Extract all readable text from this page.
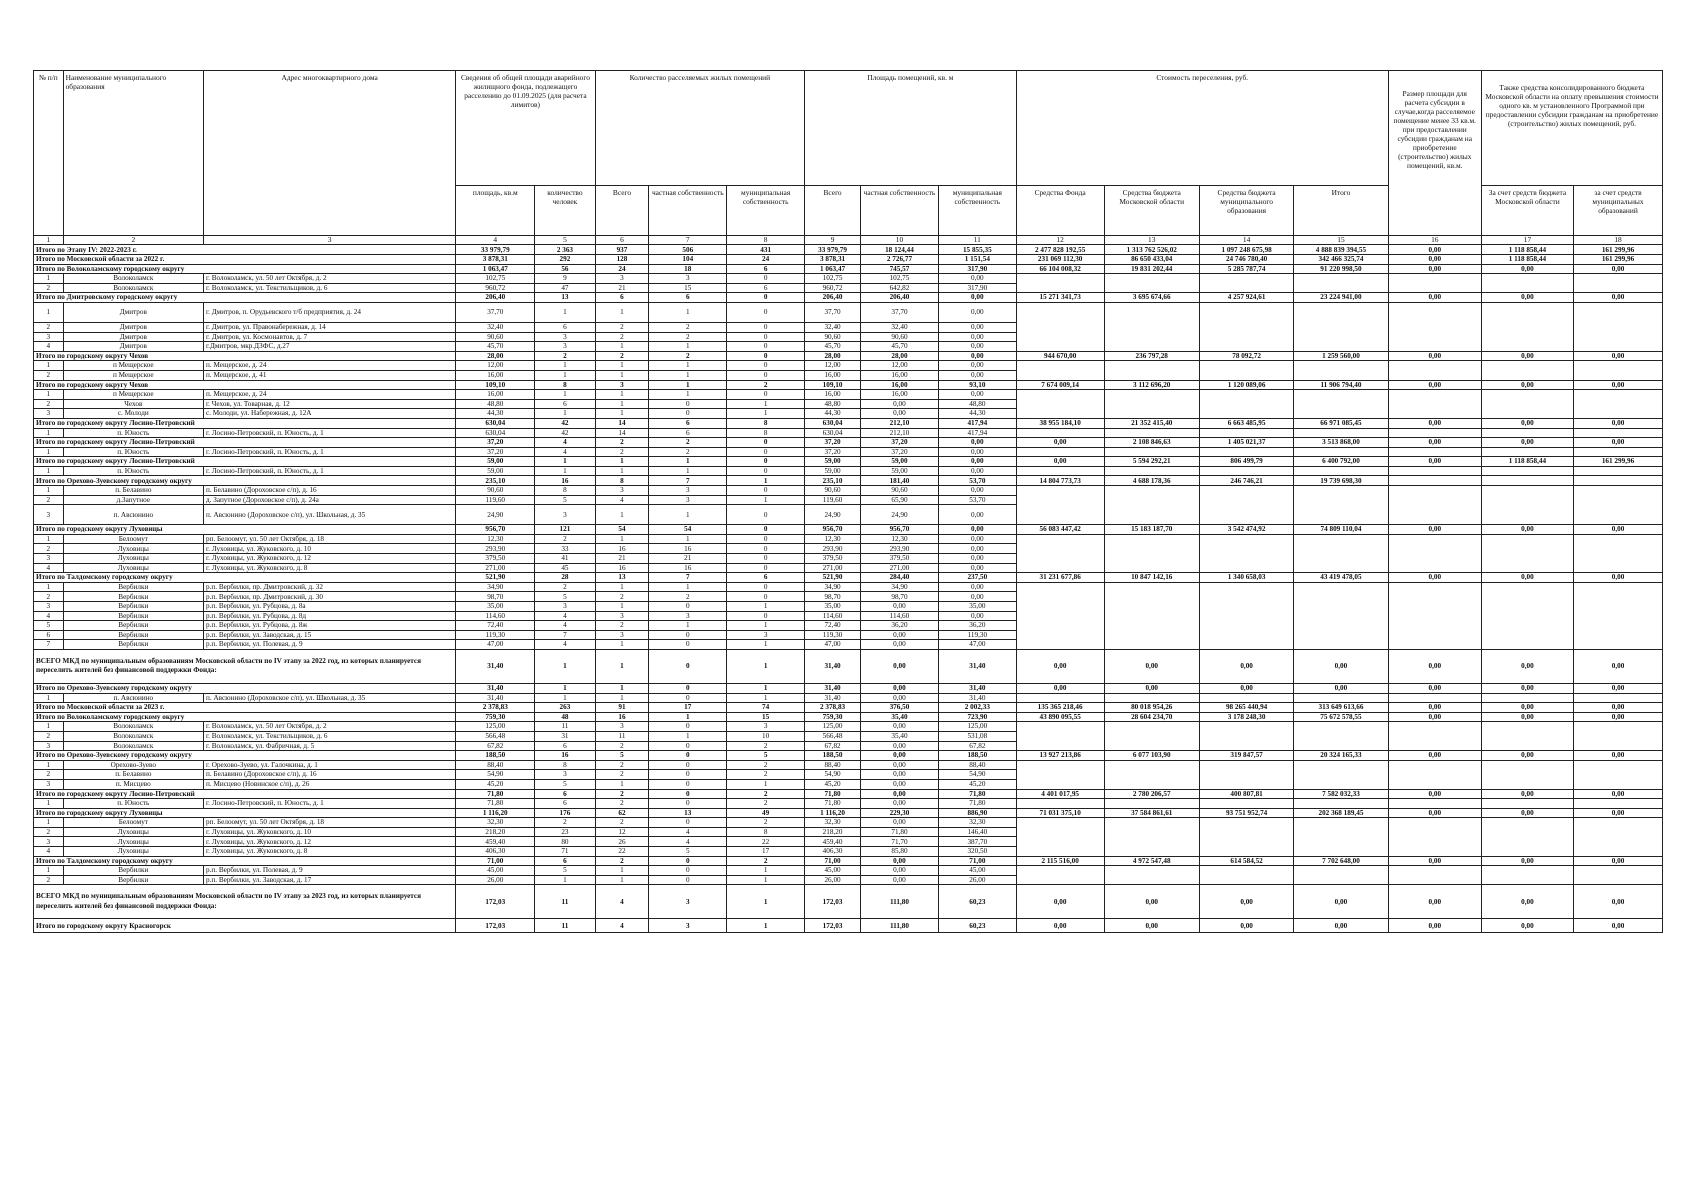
№ п/п	Наименование муниципального образования	Адрес многоквартирного дома	Сведения об общей площади аварийного жилищного фонда, подлежащего расселению до 01.09.2025 (для расчета лимитов)		Количество расселяемых жилых помещений			Площадь помещений, кв. м			Стоимость переселения, руб.				Размер площади для расчета субсидии в случае,когда расселяемое помещение менее 33 кв.м. при предоставлении субсидии гражданам на приобретение (строительство) жилых помещений, кв.м.	Также средства консолидированного бюджета Московской области на оплату превышения стоимости одного кв. м установленного Программой при предоставлении субсидии гражданам на приобретение (строительство) жилых помещений, руб.	
			площадь, кв.м	количество человек	Всего	частная собственность	муниципальная собственность	Всего	частная собственность	муниципальная собственность	Средства Фонда	Средства бюджета Московской области	Средства бюджета муниципального образования	Итого		За счет средств бюджета Московской области	за счет средств муниципальных образований
1	2	3	4	5	6	7	8	9	10	11	12	13	14	15	16	17	18
Итого по Этапу IV: 2022-2023 г.			33 979,79	2 363	937	506	431	33 979,79	18 124,44	15 855,35	2 477 828 192,55	1 313 762 526,02	1 097 248 675,98	4 888 839 394,55	0,00	1 118 858,44	161 299,96
Итого по Московской области за 2022 г.			3 878,31	292	128	104	24	3 878,31	2 726,77	1 151,54	231 069 112,30	86 650 433,04	24 746 780,40	342 466 325,74	0,00	1 118 858,44	161 299,96
Итого по Волоколамскому городскому округу			1 063,47	56	24	18	6	1 063,47	745,57	317,90	66 104 008,32	19 831 202,44	5 285 787,74	91 220 998,50	0,00	0,00	0,00
1	Волоколамск	г. Волоколамск, ул. 50 лет Октября, д. 2	102,75	9	3	3	0	102,75	102,75	0,00							
2	Волоколамск	г. Волоколамск, ул. Текстильщиков, д. 6	960,72	47	21	15	6	960,72	642,82	317,90							
Итого по Дмитровскому городскому округу			206,40	13	6	6	0	206,40	206,40	0,00	15 271 341,73	3 695 674,66	4 257 924,61	23 224 941,00	0,00	0,00	0,00
1	Дмитров	г. Дмитров, п. Орудьевского т/б предприятия, д. 24	37,70	1	1	1	0	37,70	37,70	0,00							
2	Дмитров	г. Дмитров, ул. Правонабережная, д. 14	32,40	6	2	2	0	32,40	32,40	0,00							
3	Дмитров	г. Дмитров, ул. Космонавтов, д. 7	90,60	3	2	2	0	90,60	90,60	0,00							
4	Дмитров	г.Дмитров, мкр.ДЗФС, д.27	45,70	3	1	1	0	45,70	45,70	0,00							
Итого по городскому округу Чехов			28,00	2	2	2	0	28,00	28,00	0,00	944 670,00	236 797,28	78 092,72	1 259 560,00	0,00	0,00	0,00
1	п Мещерское	п. Мещерское, д. 24	12,00	1	1	1	0	12,00	12,00	0,00							
2	п Мещерское	п. Мещерское, д. 41	16,00	1	1	1	0	16,00	16,00	0,00							
Итого по городскому округу Чехов			109,10	8	3	1	2	109,10	16,00	93,10	7 674 009,14	3 112 696,20	1 120 089,06	11 906 794,40	0,00	0,00	0,00
1	п Мещерское	п. Мещерское, д. 24	16,00	1	1	1	0	16,00	16,00	0,00							
2	Чехов	г. Чехов, ул. Товарная, д. 12	48,80	6	1	0	1	48,80	0,00	48,80							
3	с. Молоди	с. Молоди, ул. Набережная, д. 12А	44,30	1	1	0	1	44,30	0,00	44,30							
Итого по городскому округу Лосино-Петровский			630,04	42	14	6	8	630,04	212,10	417,94	38 955 184,10	21 352 415,40	6 663 485,95	66 971 085,45	0,00	0,00	0,00
1	п. Юность	г. Лосино-Петровский, п. Юность, д. 1	630,04	42	14	6	8	630,04	212,10	417,94							
Итого по городскому округу Лосино-Петровский			37,20	4	2	2	0	37,20	37,20	0,00	0,00	2 108 846,63	1 405 021,37	3 513 868,00	0,00	0,00	0,00
1	п. Юность	г. Лосино-Петровский, п. Юность, д. 1	37,20	4	2	2	0	37,20	37,20	0,00							
Итого по городскому округу Лосино-Петровский			59,00	1	1	1	0	59,00	59,00	0,00	0,00	5 594 292,21	806 499,79	6 400 792,00	0,00	1 118 858,44	161 299,96
1	п. Юность	г. Лосино-Петровский, п. Юность, д. 1	59,00	1	1	1	0	59,00	59,00	0,00							
Итого по Орехово-Зуевскому городскому округу			235,10	16	8	7	1	235,10	181,40	53,70	14 804 773,73	4 688 178,36	246 746,21	19 739 698,30			
1	п. Белавино	п. Белавино (Дороховское с/п), д. 16	90,60	8	3	3	0	90,60	90,60	0,00							
2	д.Запутное	д. Запутное (Дороховское с/п), д. 24а	119,60	5	4	3	1	119,60	65,90	53,70							
3	п. Авсюнино	п. Авсюнино (Дороховское с/п), ул. Школьная, д. 35	24,90	3	1	1	0	24,90	24,90	0,00							
Итого по городскому округу Луховицы			956,70	121	54	54	0	956,70	956,70	0,00	56 083 447,42	15 183 187,70	3 542 474,92	74 809 110,04	0,00	0,00	0,00
1	Белоомут	рп. Белоомут, ул. 50 лет Октября, д. 18	12,30	2	1	1	0	12,30	12,30	0,00							
2	Луховицы	г. Луховицы, ул. Жуковского, д. 10	293,90	33	16	16	0	293,90	293,90	0,00							
3	Луховицы	г. Луховицы, ул. Жуковского, д. 12	379,50	41	21	21	0	379,50	379,50	0,00							
4	Луховицы	г. Луховицы, ул. Жуковского, д. 8	271,00	45	16	16	0	271,00	271,00	0,00							
Итого по Талдомскому городскому округу			521,90	28	13	7	6	521,90	284,40	237,50	31 231 677,86	10 847 142,16	1 340 658,03	43 419 478,05	0,00	0,00	0,00
1	Вербилки	р.п. Вербилки, пр. Дмитровский, д. 32	34,90	2	1	1	0	34,90	34,90	0,00							
2	Вербилки	р.п. Вербилки, пр. Дмитровский, д. 30	98,70	5	2	2	0	98,70	98,70	0,00							
3	Вербилки	р.п. Вербилки, ул. Рубцова, д. 8а	35,00	3	1	0	1	35,00	0,00	35,00							
4	Вербилки	р.п. Вербилки, ул. Рубцова, д. 8д	114,60	4	3	3	0	114,60	114,60	0,00							
5	Вербилки	р.п. Вербилки, ул. Рубцова, д. 8ж	72,40	4	2	1	1	72,40	36,20	36,20							
6	Вербилки	р.п. Вербилки, ул. Заводская, д. 15	119,30	7	3	0	3	119,30	0,00	119,30							
7	Вербилки	р.п. Вербилки, ул. Полевая, д. 9	47,00	4	1	0	1	47,00	0,00	47,00							
ВСЕГО МКД по муниципальным образованиям Московской области по IV этапу за 2022 год, из которых планируется переселить жителей без финансовой поддержки Фонда:			31,40	1	1	0	1	31,40	0,00	31,40	0,00	0,00	0,00	0,00	0,00	0,00	0,00
Итого по Орехово-Зуевскому городскому округу			31,40	1	1	0	1	31,40	0,00	31,40	0,00	0,00	0,00	0,00	0,00	0,00	0,00
1	п. Авсюнино	п. Авсюнино (Дороховское с/п), ул. Школьная, д. 35	31,40	1	1	0	1	31,40	0,00	31,40							
Итого по Московской области за 2023 г.			2 378,83	263	91	17	74	2 378,83	376,50	2 002,33	135 365 218,46	80 018 954,26	98 265 440,94	313 649 613,66	0,00	0,00	0,00
Итого по Волоколамскому городскому округу			759,30	48	16	1	15	759,30	35,40	723,90	43 890 095,55	28 604 234,70	3 178 248,30	75 672 578,55	0,00	0,00	0,00
1	Волоколамск	г. Волоколамск, ул. 50 лет Октября, д. 2	125,00	11	3	0	3	125,00	0,00	125,00							
2	Волоколамск	г. Волоколамск, ул. Текстильщиков, д. 6	566,48	31	11	1	10	566,48	35,40	531,08							
3	Волоколамск	г. Волоколамск, ул. Фабричная, д. 5	67,82	6	2	0	2	67,82	0,00	67,82							
Итого по Орехово-Зуевскому городскому округу			188,50	16	5	0	5	188,50	0,00	188,50	13 927 213,86	6 077 103,90	319 847,57	20 324 165,33	0,00	0,00	0,00
1	Орехово-Зуево	г. Орехово-Зуево, ул. Галочкина, д. 1	88,40	8	2	0	2	88,40	0,00	88,40							
2	п. Белавино	п. Белавино (Дороховское с/п), д. 16	54,90	3	2	0	2	54,90	0,00	54,90							
3	п. Мисцево	п. Мисцево (Новинское с/п), д. 26	45,20	5	1	0	1	45,20	0,00	45,20							
Итого по городскому округу Лосино-Петровский			71,80	6	2	0	2	71,80	0,00	71,80	4 401 017,95	2 780 206,57	400 807,81	7 582 032,33	0,00	0,00	0,00
1	п. Юность	г. Лосино-Петровский, п. Юность, д. 1	71,80	6	2	0	2	71,80	0,00	71,80							
Итого по городскому округу Луховицы			1 116,20	176	62	13	49	1 116,20	229,30	886,90	71 031 375,10	37 584 861,61	93 751 952,74	202 368 189,45	0,00	0,00	0,00
1	Белоомут	рп. Белоомут, ул. 50 лет Октября, д. 18	32,30	2	2	0	2	32,30	0,00	32,30							
2	Луховицы	г. Луховицы, ул. Жуковского, д. 10	218,20	23	12	4	8	218,20	71,80	146,40							
3	Луховицы	г. Луховицы, ул. Жуковского, д. 12	459,40	80	26	4	22	459,40	71,70	387,70							
4	Луховицы	г. Луховицы, ул. Жуковского, д. 8	406,30	71	22	5	17	406,30	85,80	320,50							
Итого по Талдомскому городскому округу			71,00	6	2	0	2	71,00	0,00	71,00	2 115 516,00	4 972 547,48	614 584,52	7 702 648,00	0,00	0,00	0,00
1	Вербилки	р.п. Вербилки, ул. Полевая, д. 9	45,00	5	1	0	1	45,00	0,00	45,00							
2	Вербилки	р.п. Вербилки, ул. Заводская, д. 17	26,00	1	1	0	1	26,00	0,00	26,00							
ВСЕГО МКД по муниципальным образованиям Московской области по IV этапу за 2023 год, из которых планируется переселить жителей без финансовой поддержки Фонда:			172,03	11	4	3	1	172,03	111,80	60,23	0,00	0,00	0,00	0,00	0,00	0,00	0,00
Итого по городскому округу Красногорск			172,03	11	4	3	1	172,03	111,80	60,23	0,00	0,00	0,00	0,00	0,00	0,00	0,00
